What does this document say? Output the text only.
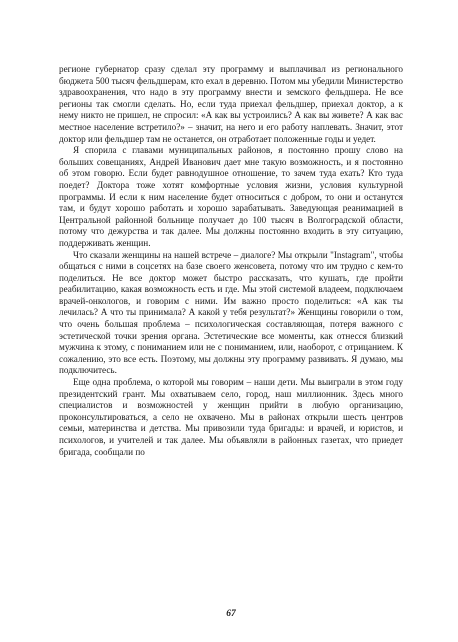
регионе губернатор сразу сделал эту программу и выплачивал из регионального бюджета 500 тысяч фельдшерам, кто ехал в деревню. Потом мы убедили Министерство здравоохранения, что надо в эту программу внести и земского фельдшера. Не все регионы так смогли сделать. Но, если туда приехал фельдшер, приехал доктор, а к нему никто не пришел, не спросил: «А как вы устроились? А как вы живете? А как вас местное население встретило?» – значит, на него и его работу наплевать. Значит, этот доктор или фельдшер там не останется, он отработает положенные годы и уедет.

Я спорила с главами муниципальных районов, я постоянно прошу слово на больших совещаниях, Андрей Иванович дает мне такую возможность, и я постоянно об этом говорю. Если будет равнодушное отношение, то зачем туда ехать? Кто туда поедет? Доктора тоже хотят комфортные условия жизни, условия культурной программы. И если к ним население будет относиться с добром, то они и останутся там, и будут хорошо работать и хорошо зарабатывать. Заведующая реанимацией в Центральной районной больнице получает до 100 тысяч в Волгоградской области, потому что дежурства и так далее. Мы должны постоянно входить в эту ситуацию, поддерживать женщин.

Что сказали женщины на нашей встрече – диалоге? Мы открыли "Instagram", чтобы общаться с ними в соцсетях на базе своего женсовета, потому что им трудно с кем-то поделиться. Не все доктор может быстро рассказать, что кушать, где пройти реабилитацию, какая возможность есть и где. Мы этой системой владеем, подключаем врачей-онкологов, и говорим с ними. Им важно просто поделиться: «А как ты лечилась? А что ты принимала? А какой у тебя результат?» Женщины говорили о том, что очень большая проблема – психологическая составляющая, потеря важного с эстетической точки зрения органа. Эстетические все моменты, как отнесся близкий мужчина к этому, с пониманием или не с пониманием, или, наоборот, с отрицанием. К сожалению, это все есть. Поэтому, мы должны эту программу развивать. Я думаю, мы подключитесь.

Еще одна проблема, о которой мы говорим – наши дети. Мы выиграли в этом году президентский грант. Мы охватываем село, город, наш миллионник. Здесь много специалистов и возможностей у женщин прийти в любую организацию, проконсультироваться, а село не охвачено. Мы в районах открыли шесть центров семьи, материнства и детства. Мы привозили туда бригады: и врачей, и юристов, и психологов, и учителей и так далее. Мы объявляли в районных газетах, что приедет бригада, сообщали по

67
